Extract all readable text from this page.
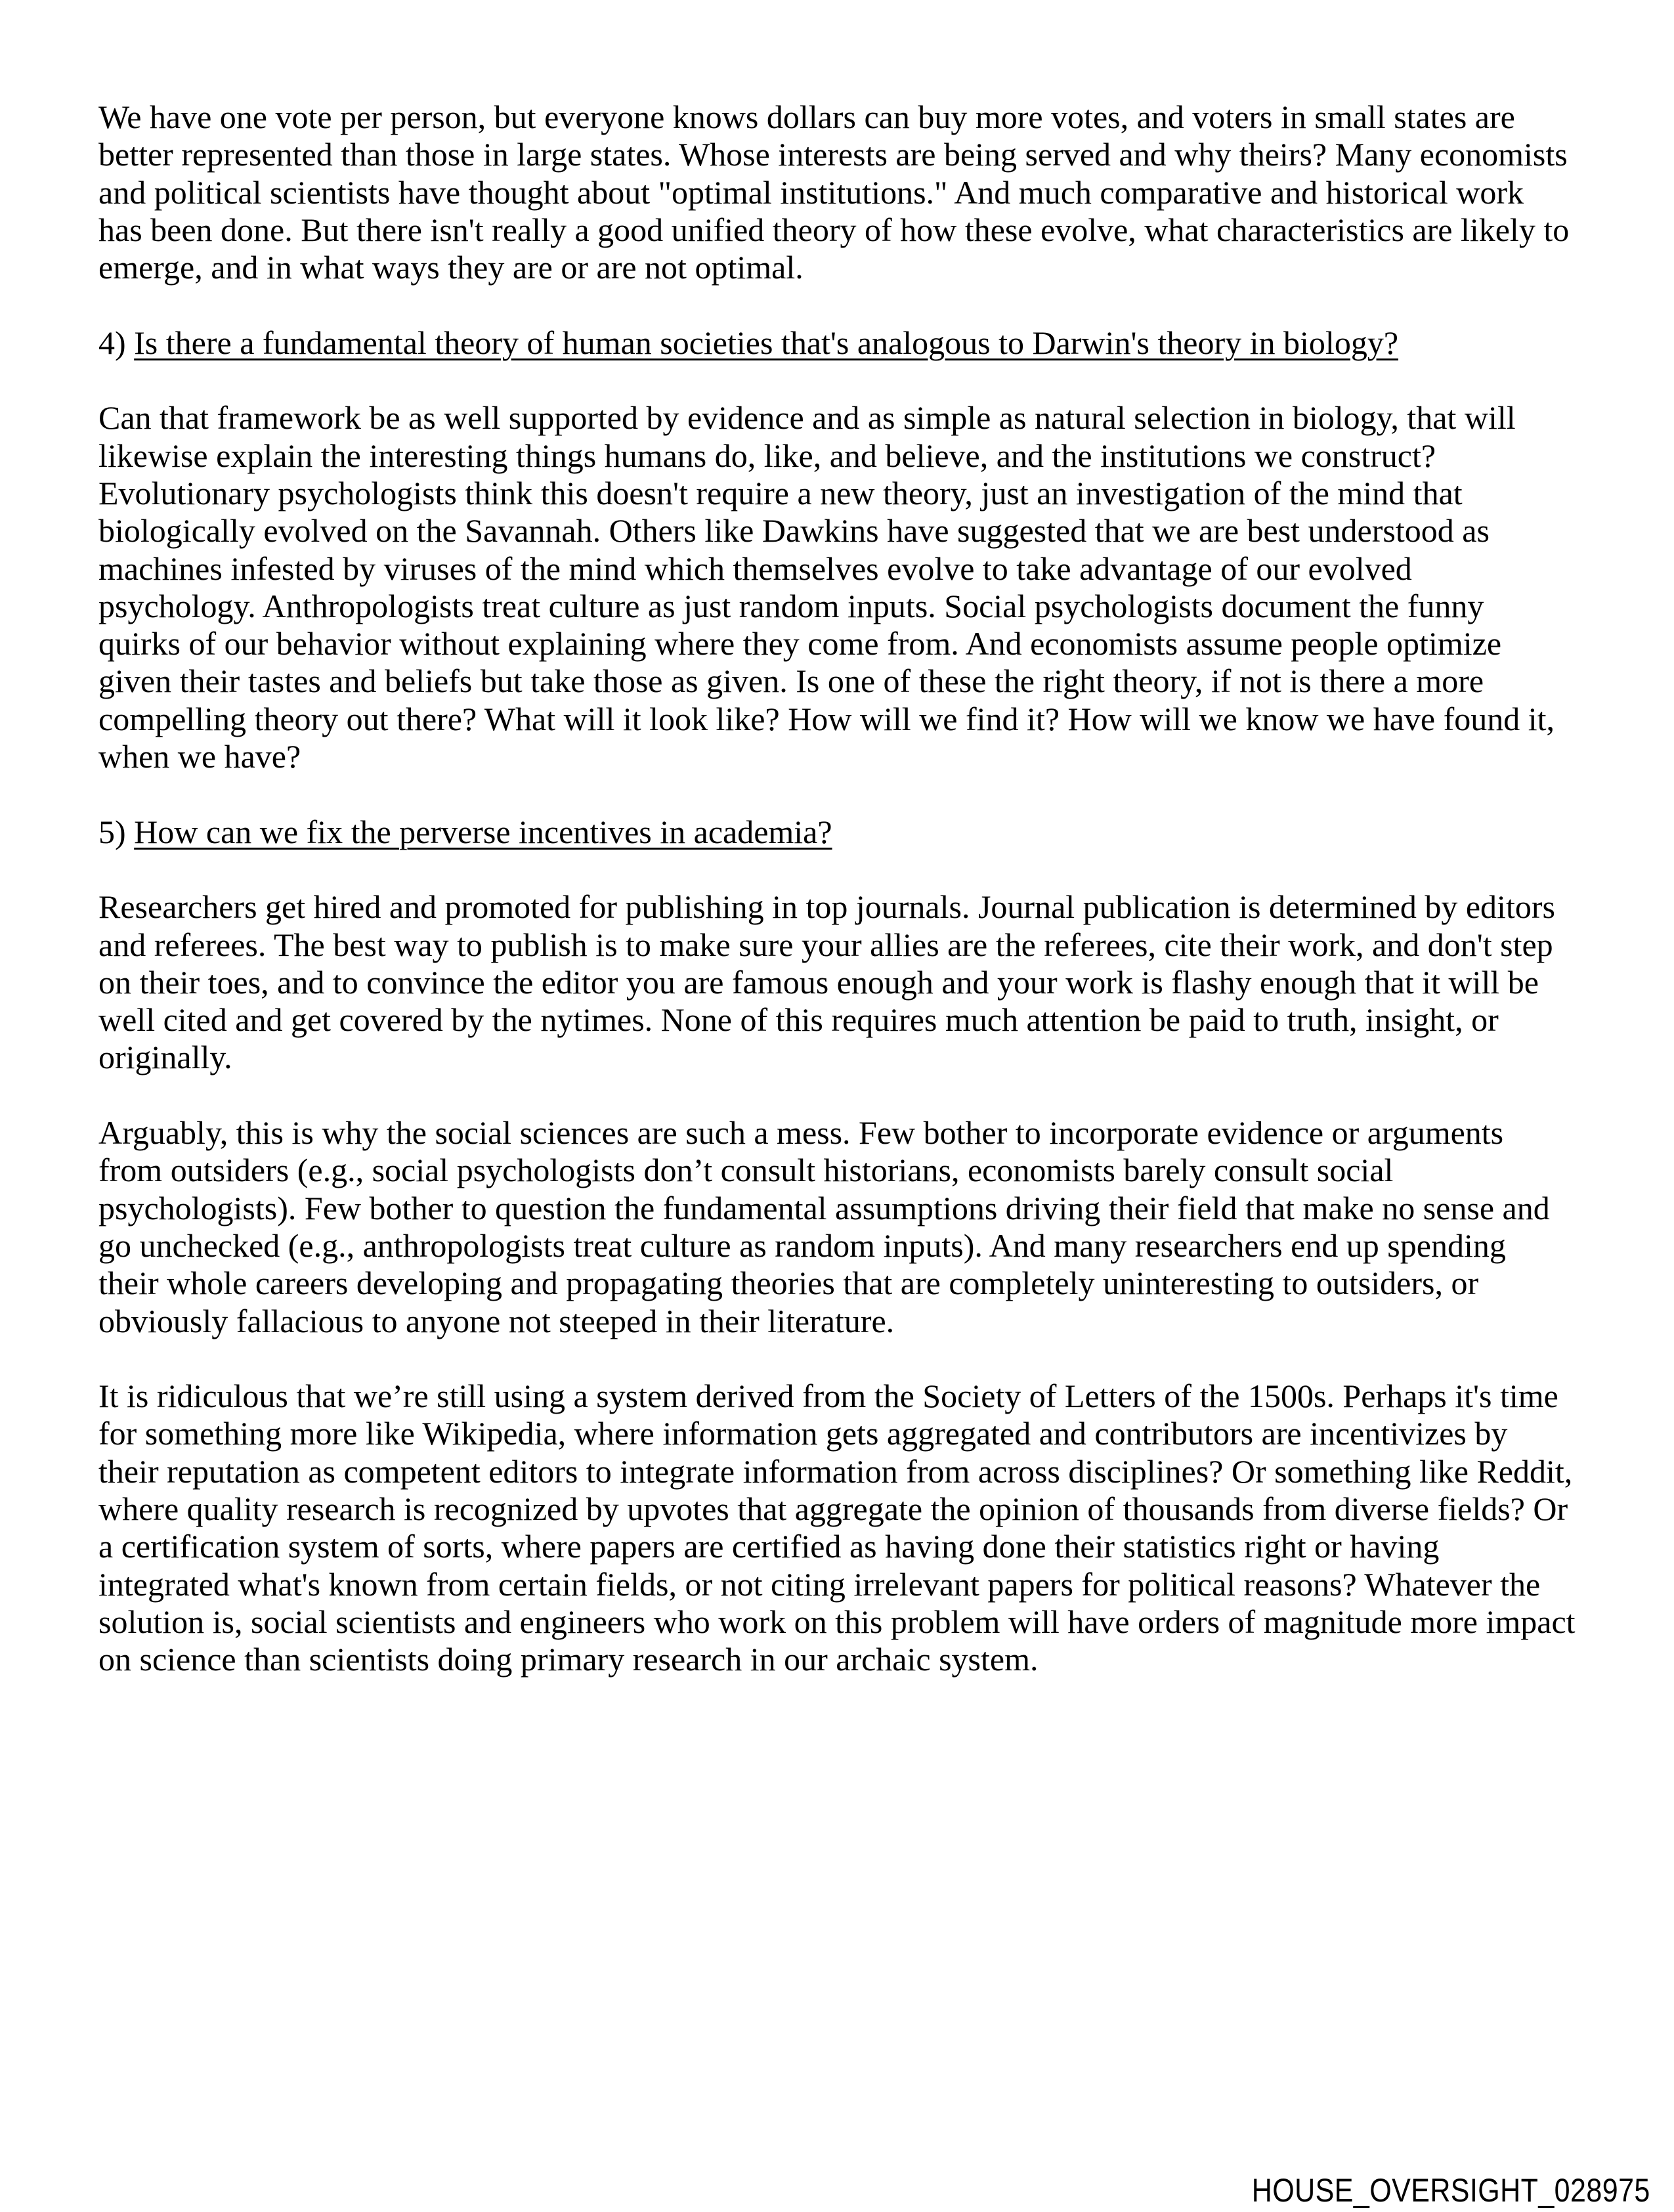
We have one vote per person, but everyone knows dollars can buy more votes, and voters in small states are
better represented than those in large states. Whose interests are being served and why theirs? Many economists
and political scientists have thought about "optimal institutions." And much comparative and historical work
has been done. But there isn't really a good unified theory of how these evolve, what characteristics are likely to
emerge, and in what ways they are or are not optimal.
4) Is there a fundamental theory of human societies that's analogous to Darwin's theory in biology?
Can that framework be as well supported by evidence and as simple as natural selection in biology, that will
likewise explain the interesting things humans do, like, and believe, and the institutions we construct?
Evolutionary psychologists think this doesn't require a new theory, just an investigation of the mind that
biologically evolved on the Savannah. Others like Dawkins have suggested that we are best understood as
machines infested by viruses of the mind which themselves evolve to take advantage of our evolved
psychology. Anthropologists treat culture as just random inputs. Social psychologists document the funny
quirks of our behavior without explaining where they come from. And economists assume people optimize
given their tastes and beliefs but take those as given. Is one of these the right theory, if not is there a more
compelling theory out there? What will it look like? How will we find it? How will we know we have found it,
when we have?
5) How can we fix the perverse incentives in academia?
Researchers get hired and promoted for publishing in top journals. Journal publication is determined by editors
and referees. The best way to publish is to make sure your allies are the referees, cite their work, and don't step
on their toes, and to convince the editor you are famous enough and your work is flashy enough that it will be
well cited and get covered by the nytimes. None of this requires much attention be paid to truth, insight, or
originally.
Arguably, this is why the social sciences are such a mess. Few bother to incorporate evidence or arguments
from outsiders (e.g., social psychologists don’t consult historians, economists barely consult social
psychologists). Few bother to question the fundamental assumptions driving their field that make no sense and
go unchecked (e.g., anthropologists treat culture as random inputs). And many researchers end up spending
their whole careers developing and propagating theories that are completely uninteresting to outsiders, or
obviously fallacious to anyone not steeped in their literature.
It is ridiculous that we’re still using a system derived from the Society of Letters of the 1500s. Perhaps it's time
for something more like Wikipedia, where information gets aggregated and contributors are incentivizes by
their reputation as competent editors to integrate information from across disciplines? Or something like Reddit,
where quality research is recognized by upvotes that aggregate the opinion of thousands from diverse fields? Or
a certification system of sorts, where papers are certified as having done their statistics right or having
integrated what's known from certain fields, or not citing irrelevant papers for political reasons? Whatever the
solution is, social scientists and engineers who work on this problem will have orders of magnitude more impact
on science than scientists doing primary research in our archaic system.
HOUSE_OVERSIGHT_028975
